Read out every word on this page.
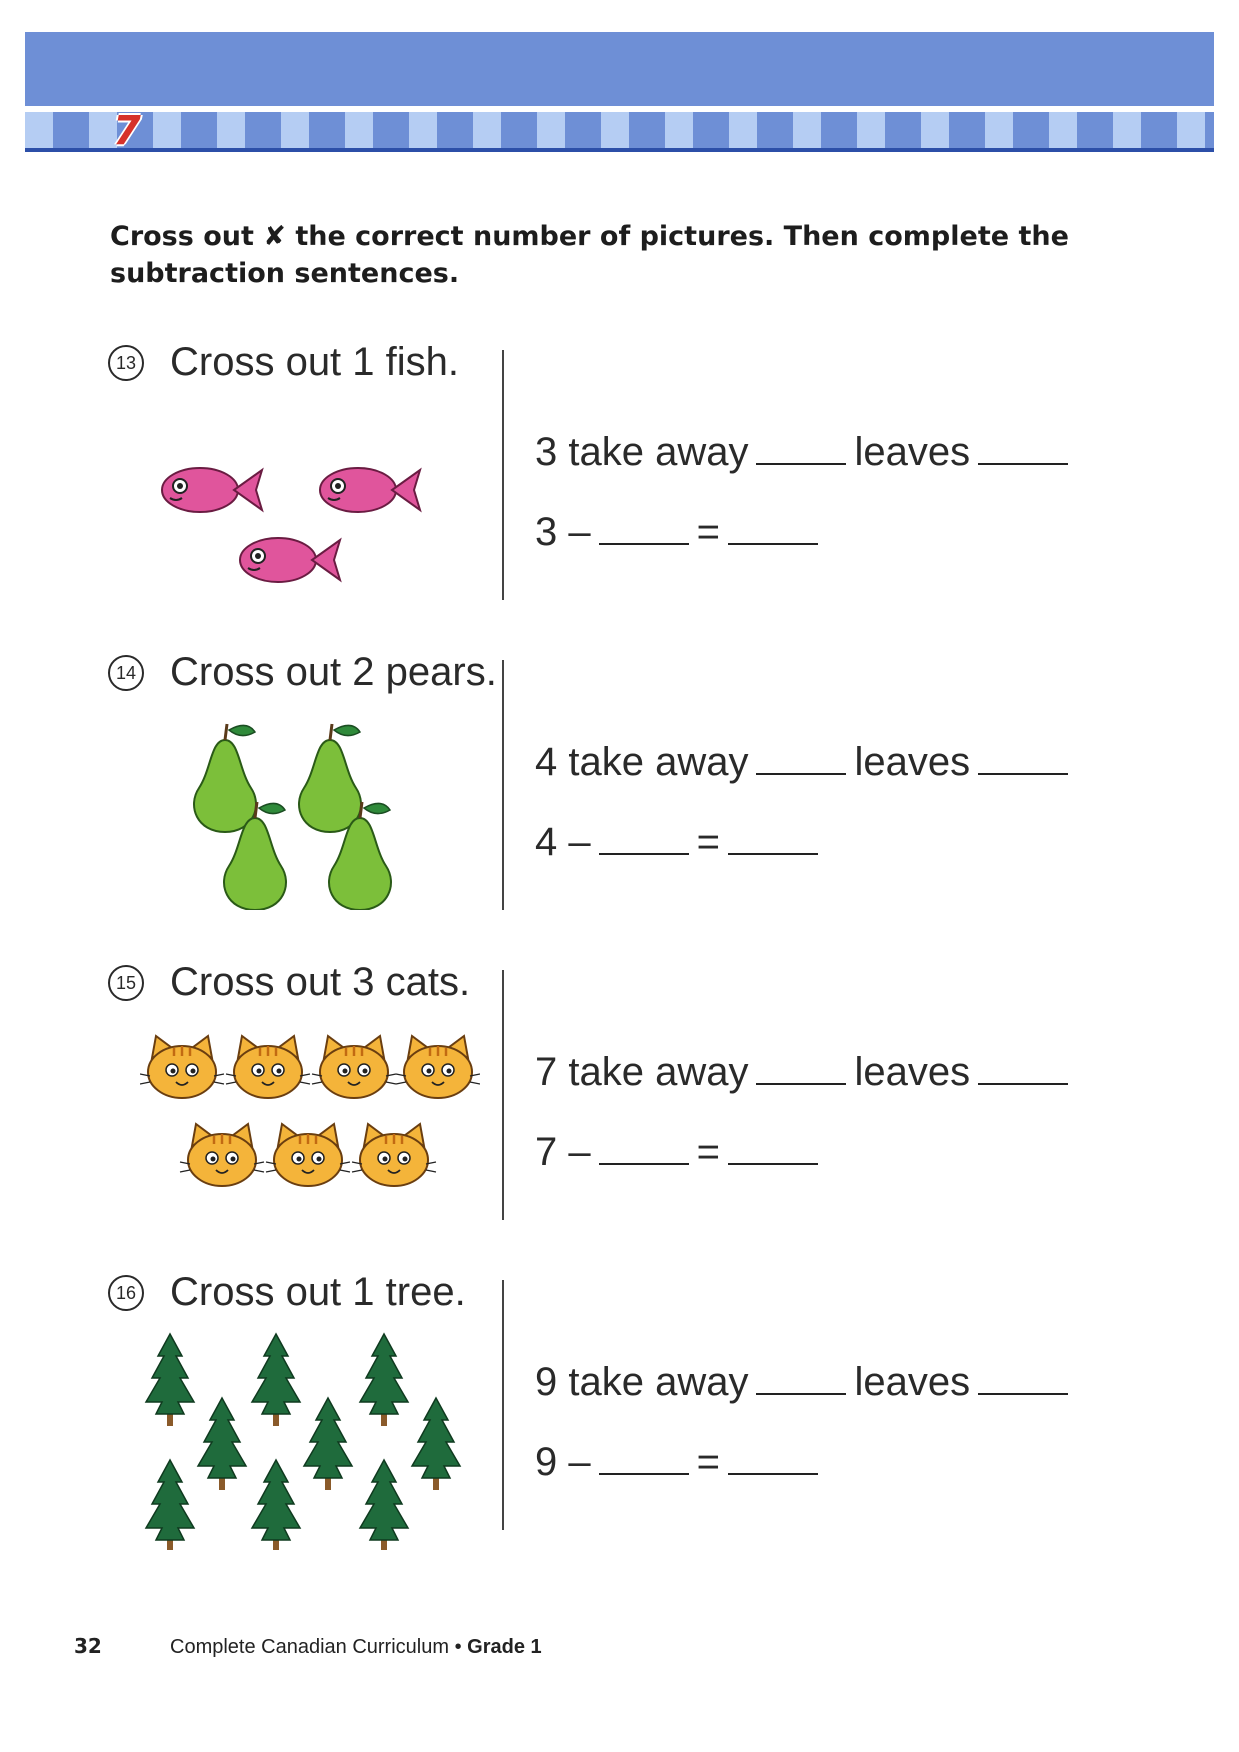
7
Cross out ✘ the correct number of pictures. Then complete the subtraction sentences.
13 Cross out 1 fish.
3 take away	leaves
3 –	=
14 Cross out 2 pears.
4 take away	leaves
4 –	=
15 Cross out 3 cats.
7 take away	leaves
7 –	=
16 Cross out 1 tree.
9 take away	leaves
9 –	=
32	Complete Canadian Curriculum • Grade 1
